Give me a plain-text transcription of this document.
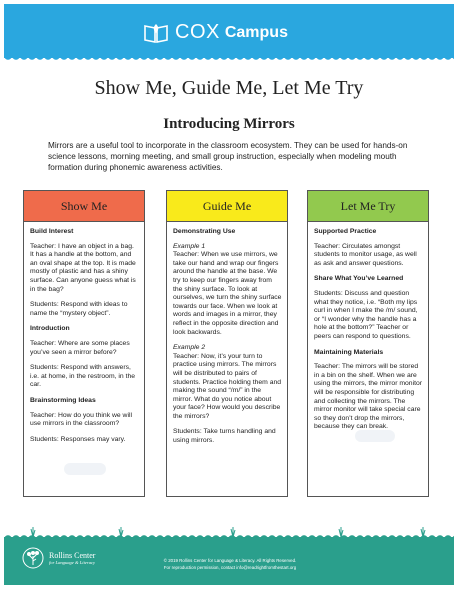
COX Campus
Show Me, Guide Me, Let Me Try
Introducing Mirrors
Mirrors are a useful tool to incorporate in the classroom ecosystem. They can be used for hands-on science lessons, morning meeting, and small group instruction, especially when modeling mouth formation during phonemic awareness activities.
Show Me

Build Interest

Teacher: I have an object in a bag. It has a handle at the bottom, and an oval shape at the top. It is made mostly of plastic and has a shiny surface. Can anyone guess what is in the bag?

Students: Respond with ideas to name the “mystery object”.

Introduction

Teacher: Where are some places you’ve seen a mirror before?

Students: Respond with answers, i.e. at home, in the restroom, in the car.

Brainstorming Ideas

Teacher: How do you think we will use mirrors in the classroom?

Students: Responses may vary.

Guide Me

Demonstrating Use

Example 1

Teacher: When we use mirrors, we take our hand and wrap our fingers around the handle at the base. We try to keep our fingers away from the shiny surface. To look at ourselves, we turn the shiny surface towards our face. When we look at words and images in a mirror, they reflect in the opposite direction and look backwards.

Example 2

Teacher: Now, it’s your turn to practice using mirrors. The mirrors will be distributed to pairs of students. Practice holding them and making the sound “/m/” in the mirror. What do you notice about your face? How would you describe the mirrors?

Students: Take turns handling and using mirrors.

Let Me Try

Supported Practice

Teacher: Circulates amongst students to monitor usage, as well as ask and answer questions.

Share What You’ve Learned

Students: Discuss and question what they notice, i.e. “Both my lips curl in when I make the /m/ sound, or “I wonder why the handle has a hole at the bottom?” Teacher or peers can respond to questions.

Maintaining Materials

Teacher: The mirrors will be stored in a bin on the shelf. When we are using the mirrors, the mirror monitor will be responsible for distributing and collecting the mirrors. The mirror monitor will take special care so they don’t drop the mirrors, because they can break.

Rollins Center
for Language & Literacy	© 2019 Rollins Center for Language & Literacy. All Rights Reserved.
For reproduction permission, contact info@readrightfromthestart.org
